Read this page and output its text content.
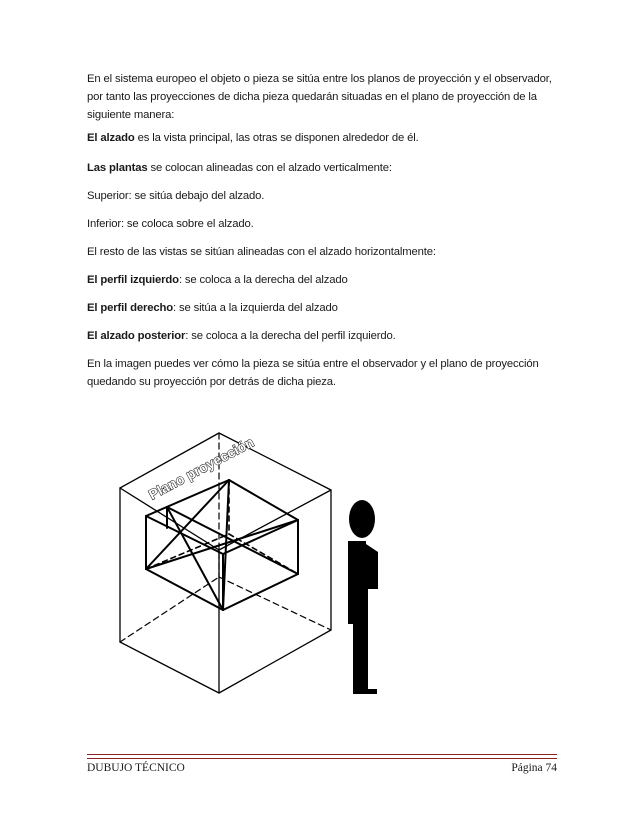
En el sistema europeo el objeto o pieza se sitúa entre los planos de proyección y el observador, por tanto las proyecciones de dicha pieza quedarán situadas en el plano de proyección de la siguiente manera:

El alzado es la vista principal, las otras se disponen alrededor de él.

Las plantas se colocan alineadas con el alzado verticalmente:

Superior: se sitúa debajo del alzado.

Inferior: se coloca sobre el alzado.

El resto de las vistas se sitúan alineadas con el alzado horizontalmente:

El perfil izquierdo: se coloca a la derecha del alzado

El perfil derecho: se sitúa a la izquierda del alzado

El alzado posterior: se coloca a la derecha del perfil izquierdo.

En la imagen puedes ver cómo la pieza se sitúa entre el observador y el plano de proyección quedando su proyección por detrás de dicha pieza.

Plano proyección
DUBUJO TÉCNICO	Página 74
